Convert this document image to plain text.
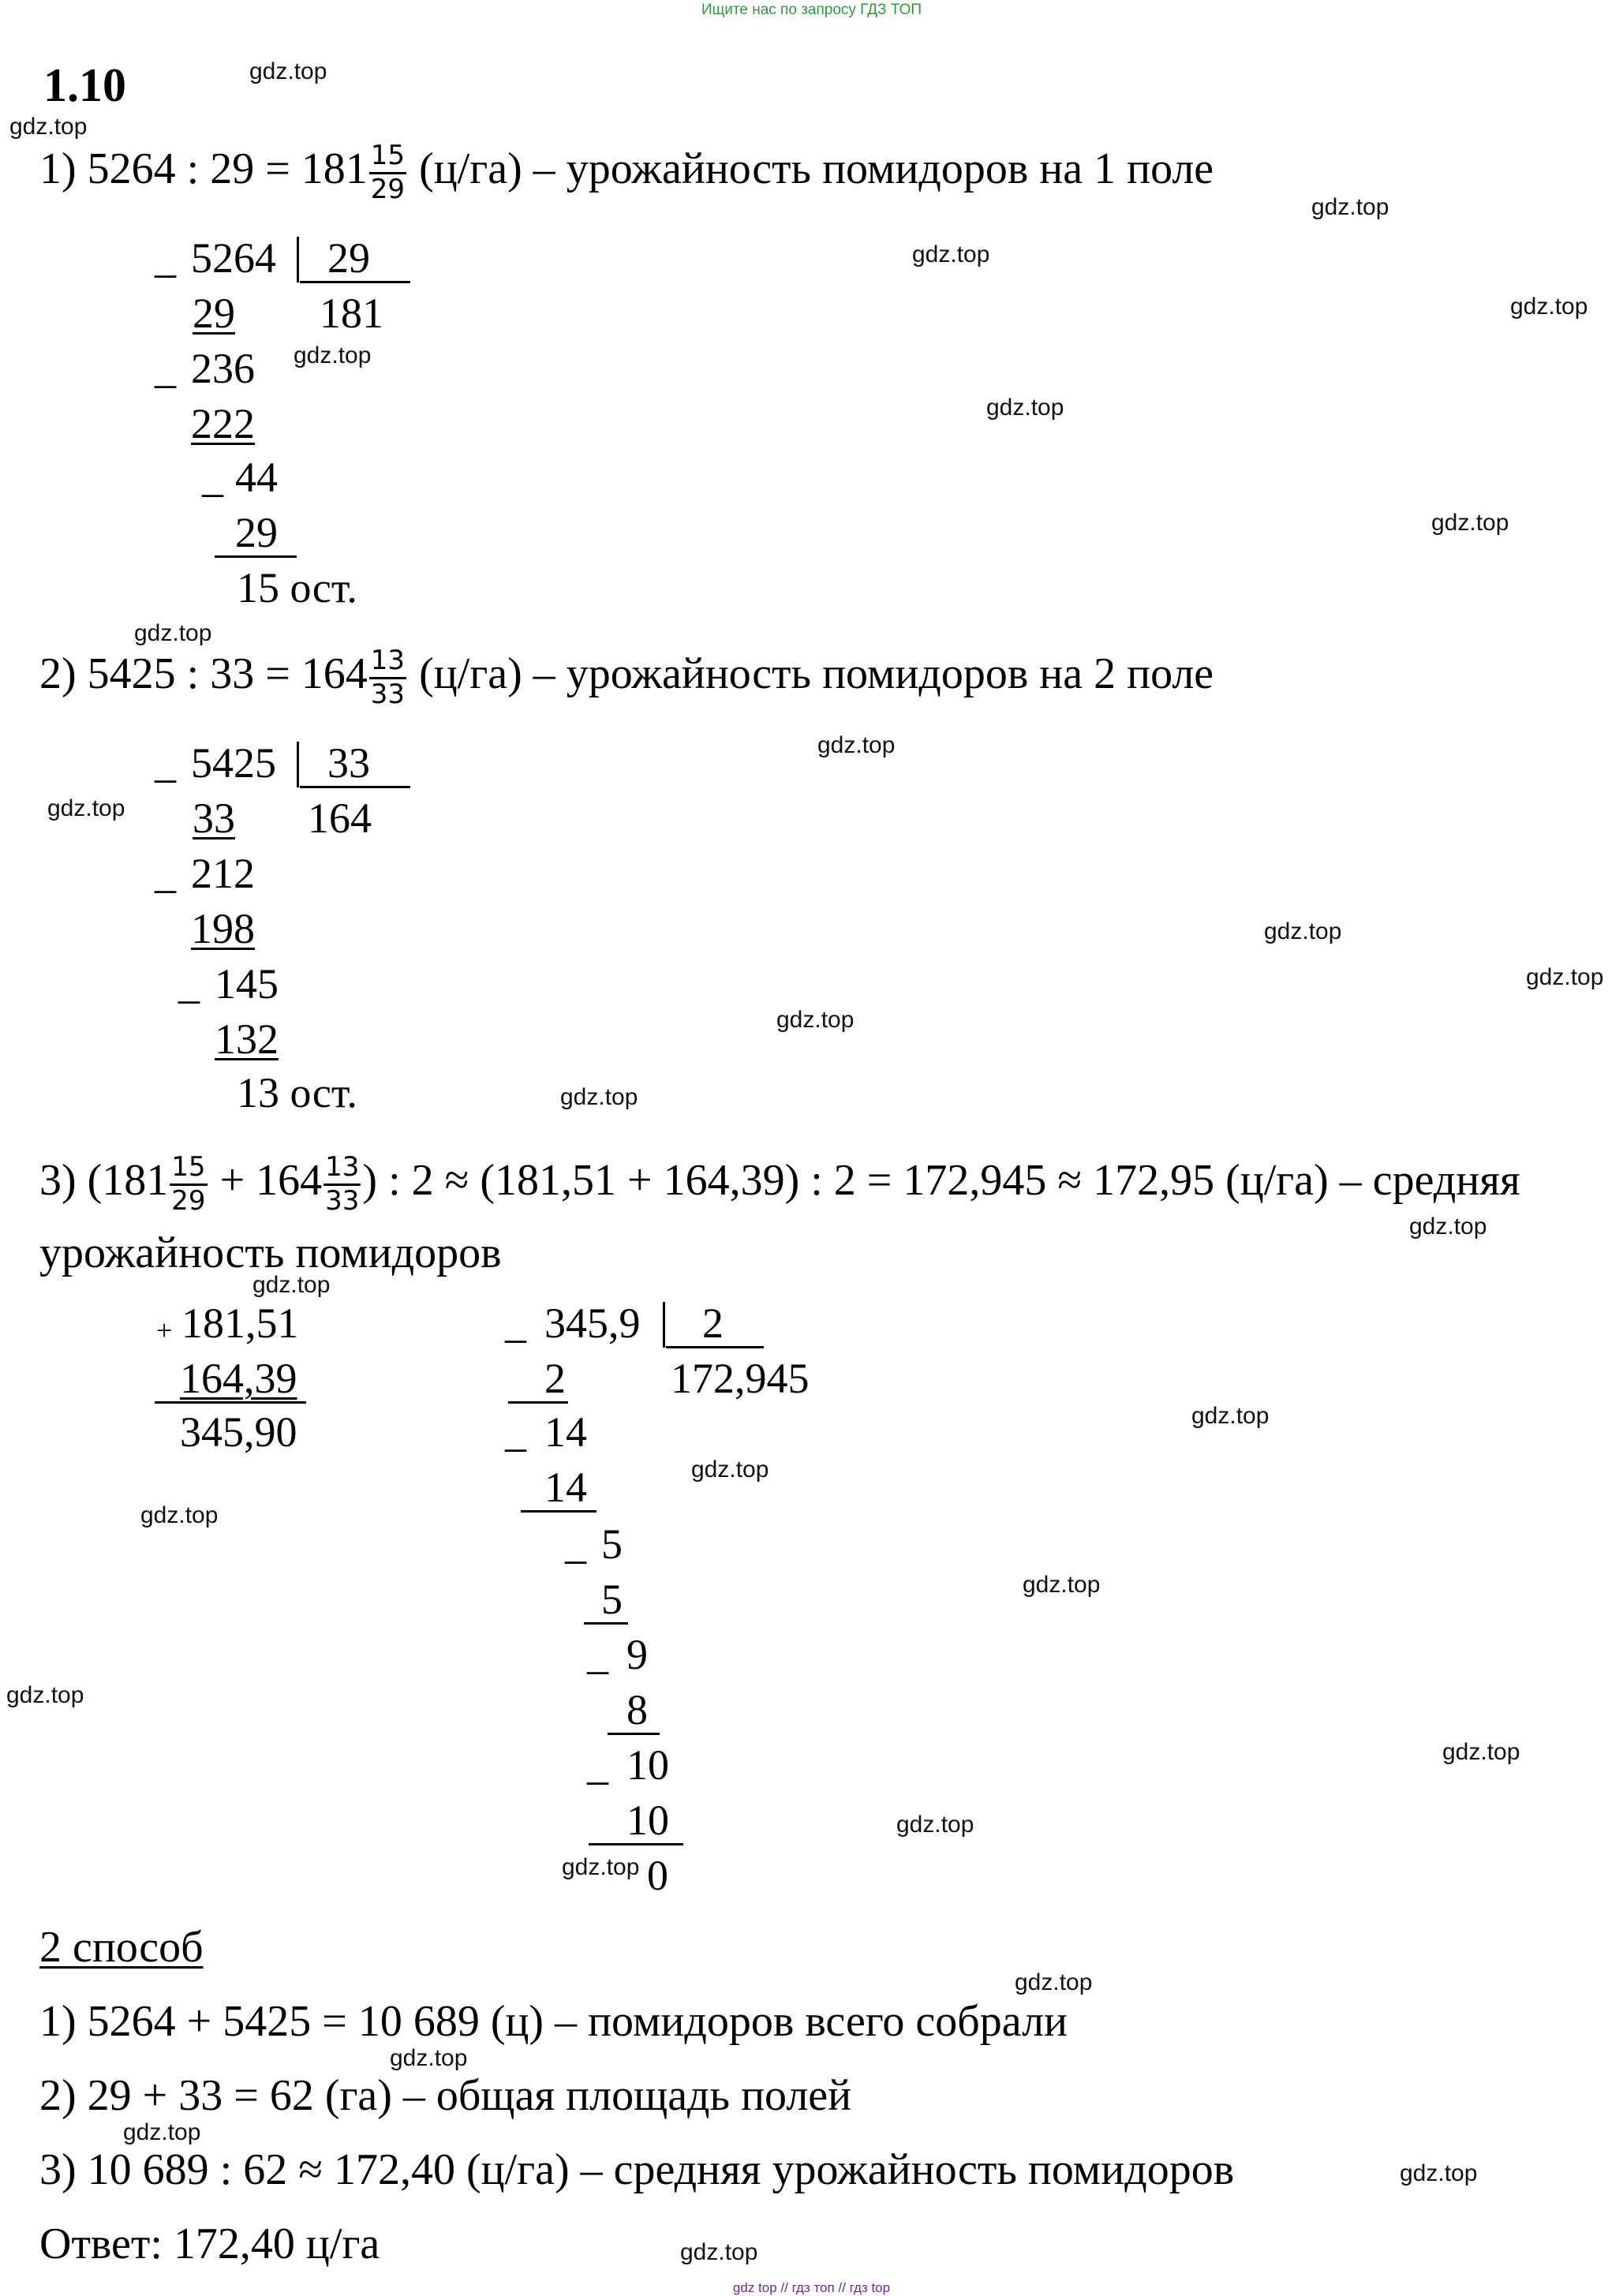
Ищите нас по запросу ГДЗ ТОП
1.10
1) 5264 : $29 = 181 \frac{15}{29} (ц/га)$ – урожайность помидоров на 1 поле
_ 5264 29
181
29
_ 236
222
_ 44
29
15 ост.
2) 5425 : $33 = 164 \frac{13}{33} (ц/га)$ – урожайность помидоров на 2 поле
_ 5425 33
164
33
_ 212
198
_ 145
132
13 ост.
3) ($181 \frac{15}{29} + 164 \frac{13}{33}$ ) : 2 ≈ (181,51 + 164,39) : 2 = 172,945 ≈ 172,95 (ц/га) – средняя
урожайность помидоров
+ 181,51
164,39
345,90
_ 345,9 2
172,945
2
_ 14
14
_ 5
5
_ 9
8
_ 10
10
0
2 способ
1) 5264 + 5425 = 10 689 (ц) – помидоров всего собрали
2) 29 + 33 = 62 (га) – общая площадь полей
3) 10 689 : 62 ≈ 172,40 (ц/га) – средняя урожайность помидоров
Ответ: 172,40 ц/га
gdz.top
gdz.top
gdz.top
gdz.top
gdz.top
gdz.top
gdz.top
gdz.top
gdz.top
gdz.top
gdz.top
gdz.top
gdz.top
gdz.top
gdz.top
gdz.top
gdz.top
gdz.top
gdz.top
gdz.top
gdz.top
gdz.top
gdz.top
gdz.top
gdz.top
gdz.top
gdz.top
gdz.top
gdz.top
gdz.top
gdz top // гдз топ // гдз top
